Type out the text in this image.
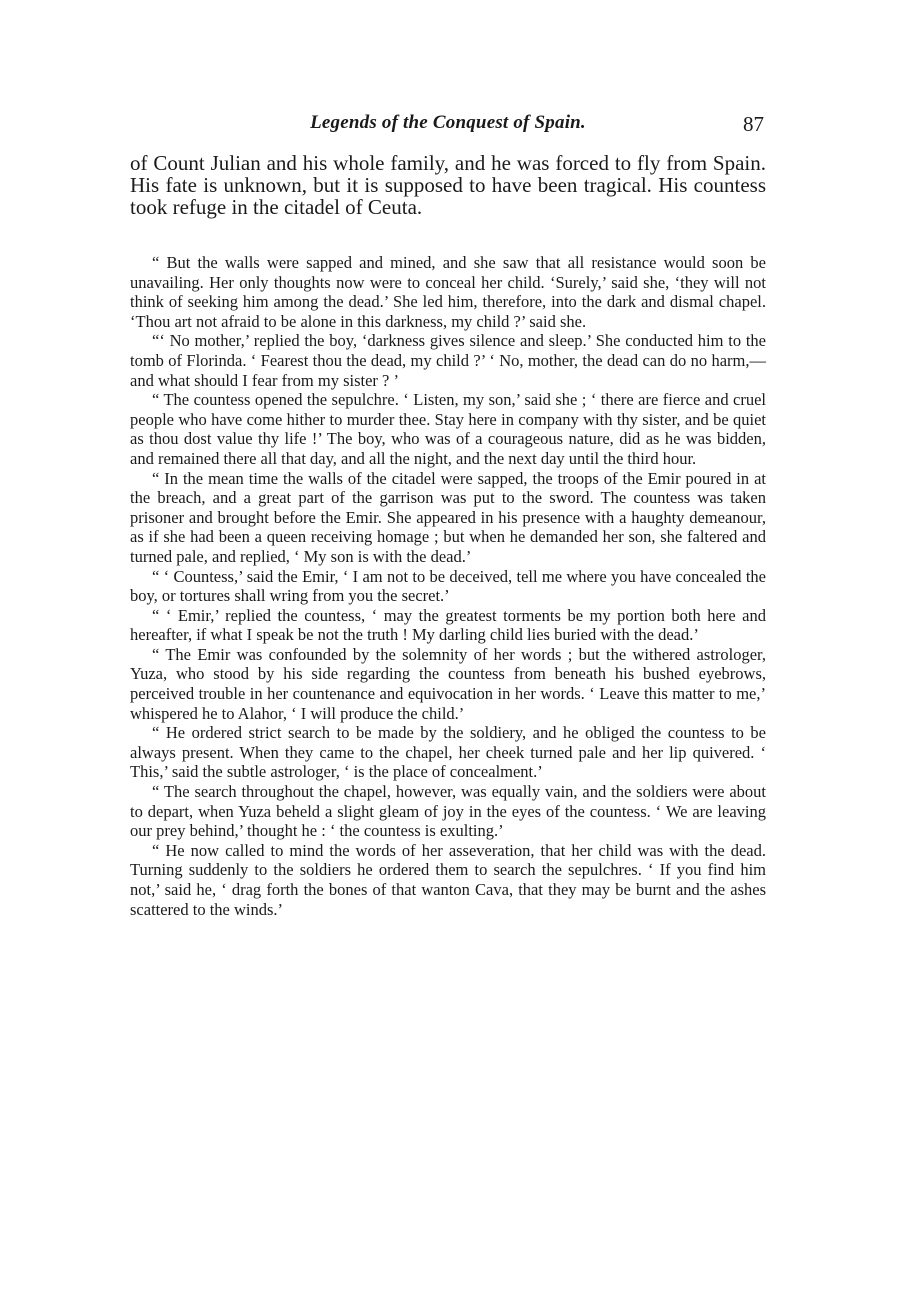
Legends of the Conquest of Spain.	87
of Count Julian and his whole family, and he was forced to fly from Spain. His fate is unknown, but it is supposed to have been tragical. His countess took refuge in the citadel of Ceuta.

“ But the walls were sapped and mined, and she saw that all resistance would soon be unavailing. Her only thoughts now were to conceal her child. ‘Surely,’ said she, ‘they will not think of seeking him among the dead.’ She led him, therefore, into the dark and dismal chapel. ‘Thou art not afraid to be alone in this darkness, my child ?’ said she.

“‘ No mother,’ replied the boy, ‘darkness gives silence and sleep.’ She conducted him to the tomb of Florinda. ‘ Fearest thou the dead, my child ?’ ‘ No, mother, the dead can do no harm,—and what should I fear from my sister ? ’

“ The countess opened the sepulchre. ‘ Listen, my son,’ said she ; ‘ there are fierce and cruel people who have come hither to murder thee. Stay here in company with thy sister, and be quiet as thou dost value thy life !’ The boy, who was of a courageous nature, did as he was bidden, and remained there all that day, and all the night, and the next day until the third hour.

“ In the mean time the walls of the citadel were sapped, the troops of the Emir poured in at the breach, and a great part of the garrison was put to the sword. The countess was taken prisoner and brought before the Emir. She appeared in his presence with a haughty demeanour, as if she had been a queen receiving homage ; but when he demanded her son, she faltered and turned pale, and replied, ‘ My son is with the dead.’

“ ‘ Countess,’ said the Emir, ‘ I am not to be deceived, tell me where you have concealed the boy, or tortures shall wring from you the secret.’

“ ‘ Emir,’ replied the countess, ‘ may the greatest torments be my portion both here and hereafter, if what I speak be not the truth ! My darling child lies buried with the dead.’

“ The Emir was confounded by the solemnity of her words ; but the withered astrologer, Yuza, who stood by his side regarding the countess from beneath his bushed eyebrows, perceived trouble in her countenance and equivocation in her words. ‘ Leave this matter to me,’ whispered he to Alahor, ‘ I will produce the child.’

“ He ordered strict search to be made by the soldiery, and he obliged the countess to be always present. When they came to the chapel, her cheek turned pale and her lip quivered. ‘ This,’ said the subtle astrologer, ‘ is the place of concealment.’

“ The search throughout the chapel, however, was equally vain, and the soldiers were about to depart, when Yuza beheld a slight gleam of joy in the eyes of the countess. ‘ We are leaving our prey behind,’ thought he : ‘ the countess is exulting.’

“ He now called to mind the words of her asseveration, that her child was with the dead. Turning suddenly to the soldiers he ordered them to search the sepulchres. ‘ If you find him not,’ said he, ‘ drag forth the bones of that wanton Cava, that they may be burnt and the ashes scattered to the winds.’
